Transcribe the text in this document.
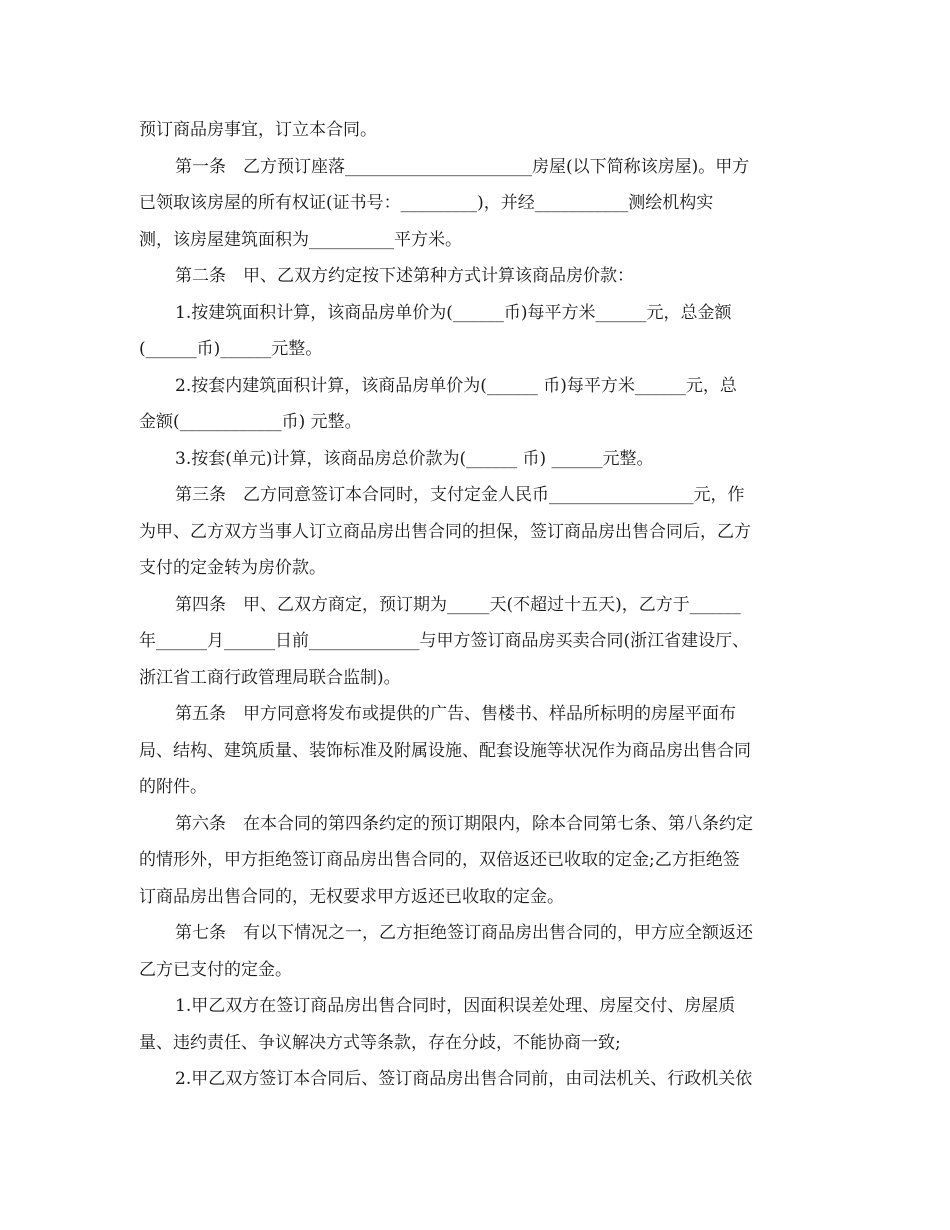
预订商品房事宜，订立本合同。
第一条　乙方预订座落______________________房屋(以下简称该房屋)。甲方
已领取该房屋的所有权证(证书号：_________)，并经___________测绘机构实
测，该房屋建筑面积为__________平方米。
第二条　甲、乙双方约定按下述第种方式计算该商品房价款：
1.按建筑面积计算，该商品房单价为(______币)每平方米______元，总金额
(______币)______元整。
2.按套内建筑面积计算，该商品房单价为(______ 币)每平方米______元，总
金额(____________币) 元整。
3.按套(单元)计算，该商品房总价款为(______ 币) ______元整。
第三条　乙方同意签订本合同时，支付定金人民币_________________元，作
为甲、乙方双方当事人订立商品房出售合同的担保，签订商品房出售合同后，乙方
支付的定金转为房价款。
第四条　甲、乙双方商定，预订期为_____天(不超过十五天)，乙方于______
年______月______日前_____________与甲方签订商品房买卖合同(浙江省建设厅、
浙江省工商行政管理局联合监制)。
第五条　甲方同意将发布或提供的广告、售楼书、样品所标明的房屋平面布
局、结构、建筑质量、装饰标准及附属设施、配套设施等状况作为商品房出售合同
的附件。
第六条　在本合同的第四条约定的预订期限内，除本合同第七条、第八条约定
的情形外，甲方拒绝签订商品房出售合同的，双倍返还已收取的定金;乙方拒绝签
订商品房出售合同的，无权要求甲方返还已收取的定金。
第七条　有以下情况之一，乙方拒绝签订商品房出售合同的，甲方应全额返还
乙方已支付的定金。
1.甲乙双方在签订商品房出售合同时，因面积误差处理、房屋交付、房屋质
量、违约责任、争议解决方式等条款，存在分歧，不能协商一致;
2.甲乙双方签订本合同后、签订商品房出售合同前，由司法机关、行政机关依
